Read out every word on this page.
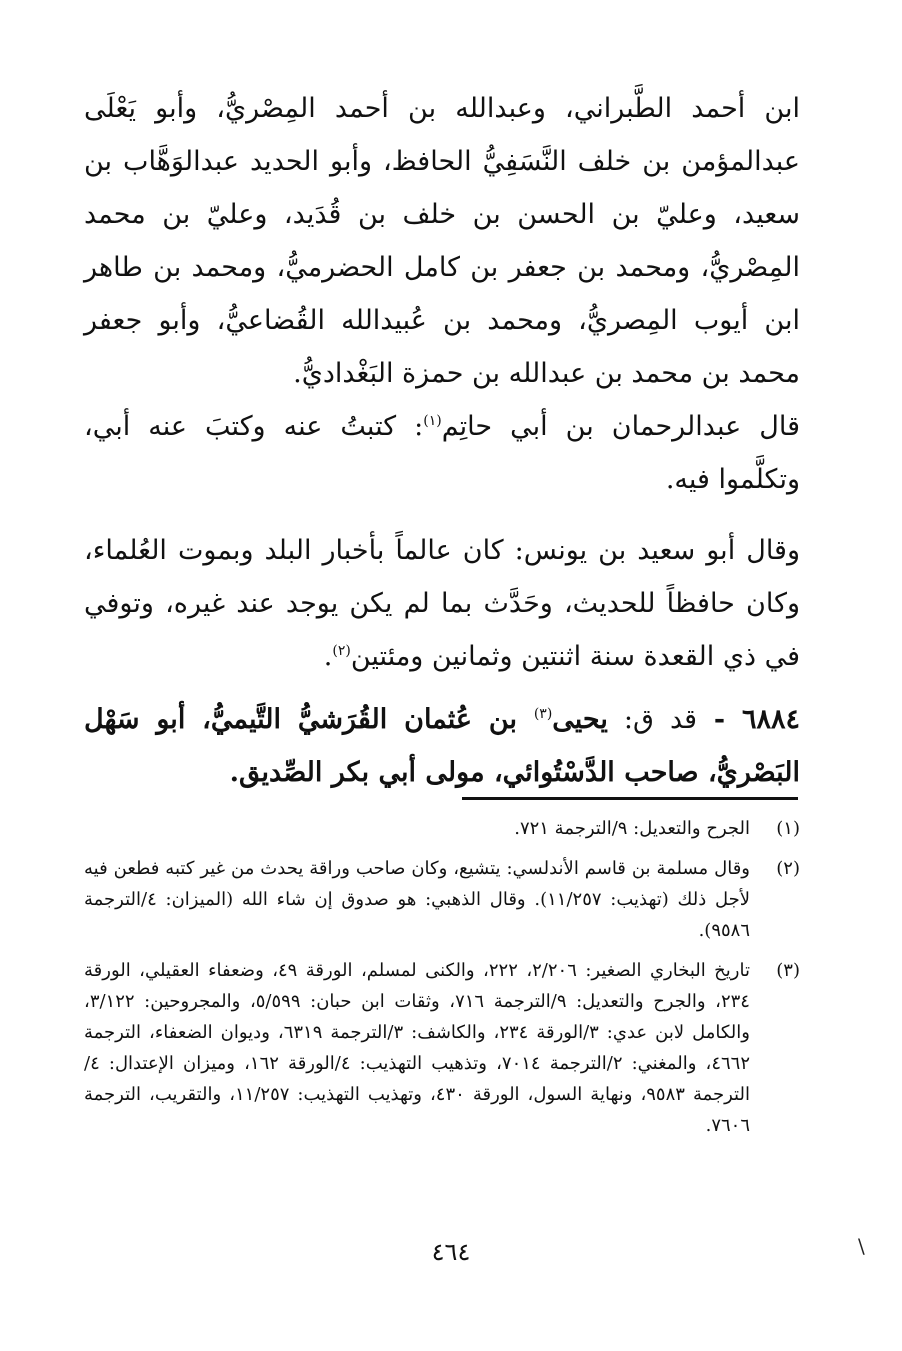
ابن أحمد الطَّبراني، وعبدالله بن أحمد المِصْريُّ، وأبو يَعْلَى عبدالمؤمن بن خلف النَّسَفِيُّ الحافظ، وأبو الحديد عبدالوَهَّاب بن سعيد، وعليّ بن الحسن بن خلف بن قُدَيد، وعليّ بن محمد المِصْريُّ، ومحمد بن جعفر بن كامل الحضرميُّ، ومحمد بن طاهر ابن أيوب المِصريُّ، ومحمد بن عُبيدالله القُضاعيُّ، وأبو جعفر محمد بن محمد بن عبدالله بن حمزة البَغْداديُّ.

قال عبدالرحمان بن أبي حاتِم$^{(١)}$: كتبتُ عنه وكتبَ عنه أبي، وتكلَّموا فيه.

وقال أبو سعيد بن يونس: كان عالماً بأخبار البلد وبموت العُلماء، وكان حافظاً للحديث، وحَدَّث بما لم يكن يوجد عند غيره، وتوفي في ذي القعدة سنة اثنتين وثمانين ومئتين$^{(٢)}$.

٦٨٨٤ - قد ق: يحيى$^{(٣)}$ بن عُثمان القُرَشيُّ التَّيميُّ، أبو سَهْل البَصْريُّ، صاحب الدَّسْتُوائي، مولى أبي بكر الصِّديق.

(١)
الجرح والتعديل: ٩/الترجمة ٧٢١.
(٢)
وقال مسلمة بن قاسم الأندلسي: يتشيع، وكان صاحب وراقة يحدث من غير كتبه فطعن فيه لأجل ذلك (تهذيب: ١١/٢٥٧). وقال الذهبي: هو صدوق إن شاء الله (الميزان: ٤/الترجمة ٩٥٨٦).
(٣)
تاريخ البخاري الصغير: ٢/٢٠٦، ٢٢٢، والكنى لمسلم، الورقة ٤٩، وضعفاء العقيلي، الورقة ٢٣٤، والجرح والتعديل: ٩/الترجمة ٧١٦، وثقات ابن حبان: ٥/٥٩٩، والمجروحين: ٣/١٢٢، والكامل لابن عدي: ٣/الورقة ٢٣٤، والكاشف: ٣/الترجمة ٦٣١٩، وديوان الضعفاء، الترجمة ٤٦٦٢، والمغني: ٢/الترجمة ٧٠١٤، وتذهيب التهذيب: ٤/الورقة ١٦٢، وميزان الإعتدال: ٤/الترجمة ٩٥٨٣، ونهاية السول، الورقة ٤٣٠، وتهذيب التهذيب: ١١/٢٥٧، والتقريب، الترجمة ٧٦٠٦.
٤٦٤	\
